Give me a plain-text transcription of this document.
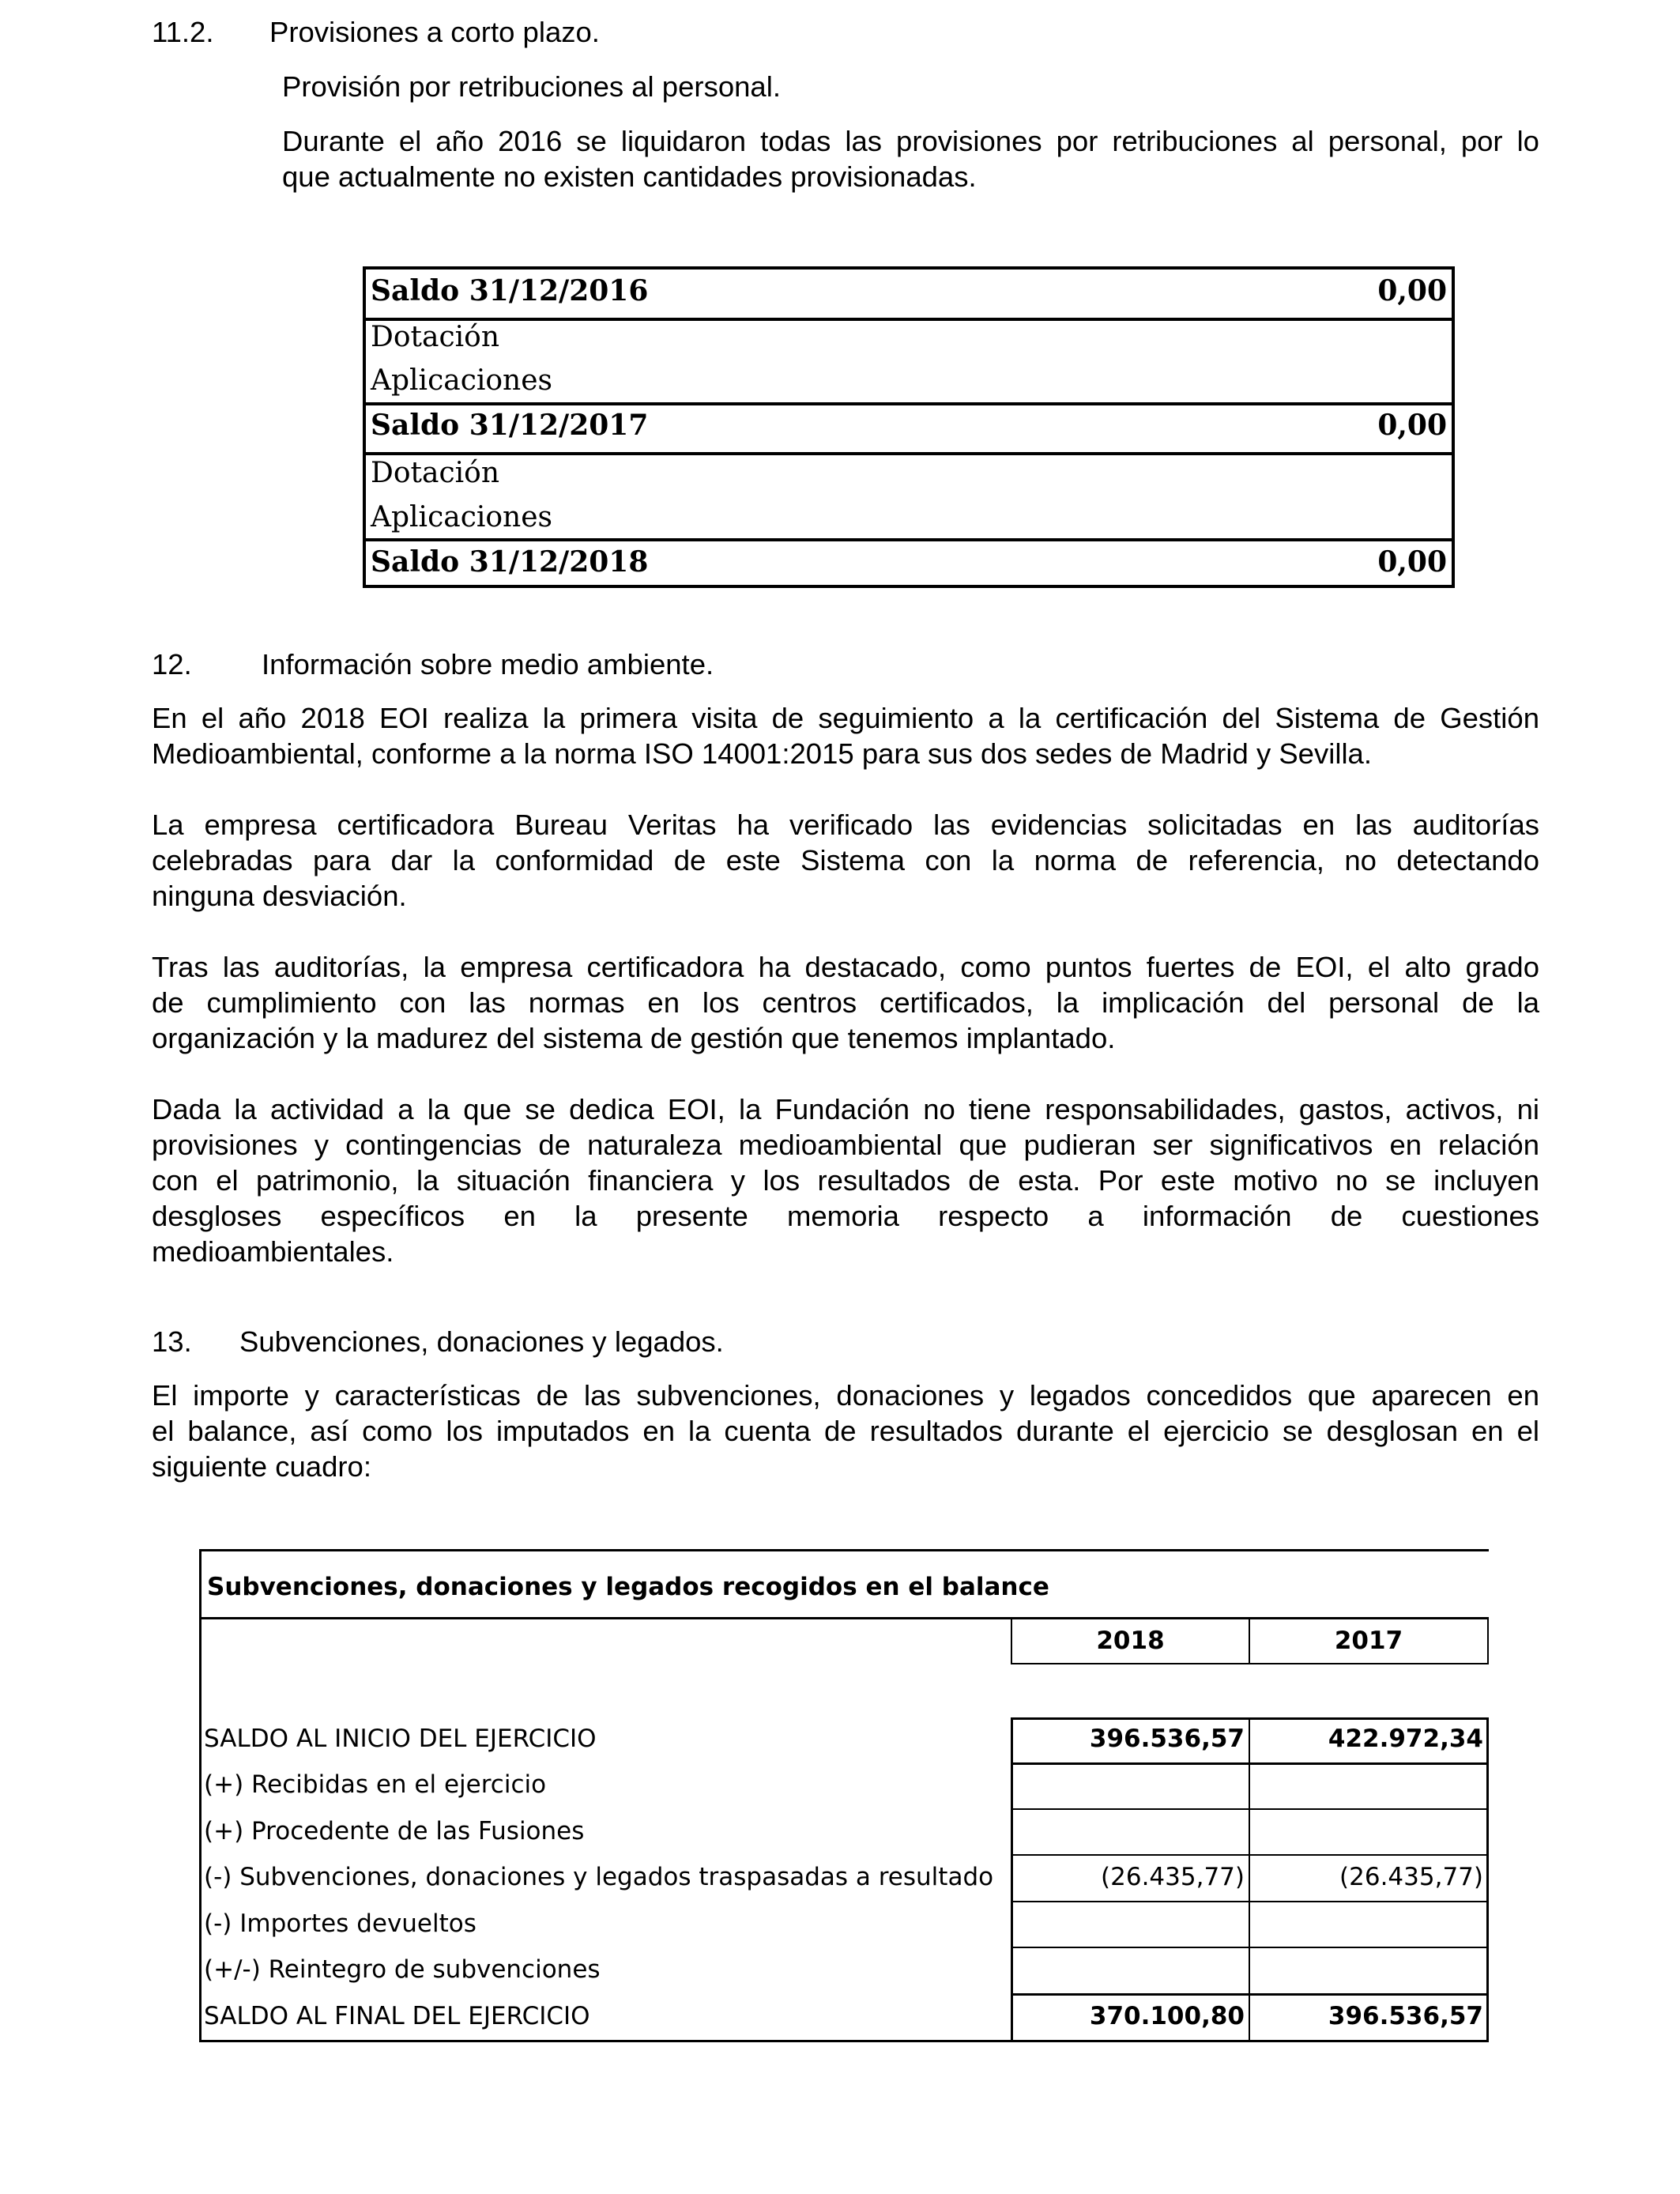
11.2. Provisiones a corto plazo.
Provisión por retribuciones al personal.
Durante el año 2016 se liquidaron todas las provisiones por retribuciones al personal, por lo
que actualmente no existen cantidades provisionadas.
Saldo 31/12/2016	0,00
Dotación
Aplicaciones
Saldo 31/12/2017	0,00
Dotación
Aplicaciones
Saldo 31/12/2018	0,00
12. Información sobre medio ambiente.
En el año 2018 EOI realiza la primera visita de seguimiento a la certificación del Sistema de Gestión
Medioambiental, conforme a la norma ISO 14001:2015 para sus dos sedes de Madrid y Sevilla.
La empresa certificadora Bureau Veritas ha verificado las evidencias solicitadas en las auditorías
celebradas para dar la conformidad de este Sistema con la norma de referencia, no detectando
ninguna desviación.
Tras las auditorías, la empresa certificadora ha destacado, como puntos fuertes de EOI, el alto grado
de cumplimiento con las normas en los centros certificados, la implicación del personal de la
organización y la madurez del sistema de gestión que tenemos implantado.
Dada la actividad a la que se dedica EOI, la Fundación no tiene responsabilidades, gastos, activos, ni
provisiones y contingencias de naturaleza medioambiental que pudieran ser significativos en relación
con el patrimonio, la situación financiera y los resultados de esta. Por este motivo no se incluyen
desgloses específicos en la presente memoria respecto a información de cuestiones
medioambientales.
13. Subvenciones, donaciones y legados.
El importe y características de las subvenciones, donaciones y legados concedidos que aparecen en
el balance, así como los imputados en la cuenta de resultados durante el ejercicio se desglosan en el
siguiente cuadro:
Subvenciones, donaciones y legados recogidos en el balance
2018	2017
SALDO AL INICIO DEL EJERCICIO	396.536,57	422.972,34
(+) Recibidas en el ejercicio
(+) Procedente de las Fusiones
(-) Subvenciones, donaciones y legados traspasadas a resultado	(26.435,77)	(26.435,77)
(-) Importes devueltos
(+/-) Reintegro de subvenciones
SALDO AL FINAL DEL EJERCICIO	370.100,80	396.536,57
